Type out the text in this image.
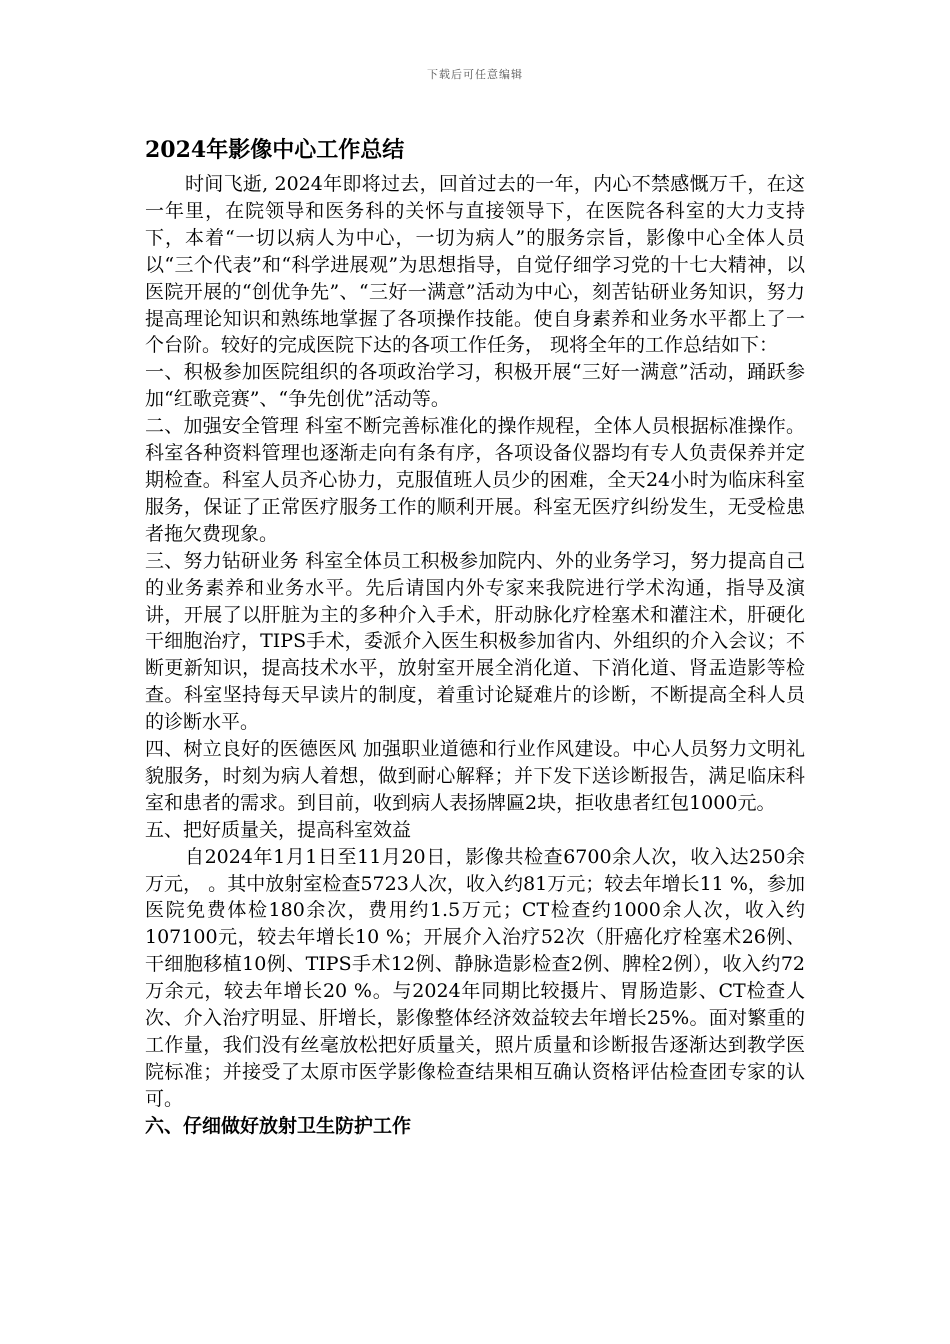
下载后可任意编辑
2024年影像中心工作总结

时间飞逝, 2024年即将过去，回首过去的一年，内心不禁感慨万千，在这一年里，在院领导和医务科的关怀与直接领导下，在医院各科室的大力支持下，本着“一切以病人为中心，一切为病人”的服务宗旨，影像中心全体人员以“三个代表”和“科学进展观”为思想指导，自觉仔细学习党的十七大精神，以医院开展的“创优争先”、“三好一满意”活动为中心，刻苦钻研业务知识，努力提高理论知识和熟练地掌握了各项操作技能。使自身素养和业务水平都上了一个台阶。较好的完成医院下达的各项工作任务， 现将全年的工作总结如下：

一、积极参加医院组织的各项政治学习，积极开展“三好一满意”活动，踊跃参加“红歌竞赛”、“争先创优”活动等。

二、加强安全管理 科室不断完善标准化的操作规程，全体人员根据标准操作。科室各种资料管理也逐渐走向有条有序，各项设备仪器均有专人负责保养并定期检查。科室人员齐心协力，克服值班人员少的困难，全天24小时为临床科室服务，保证了正常医疗服务工作的顺利开展。科室无医疗纠纷发生，无受检患者拖欠费现象。

三、努力钻研业务 科室全体员工积极参加院内、外的业务学习，努力提高自己的业务素养和业务水平。先后请国内外专家来我院进行学术沟通，指导及演讲，开展了以肝脏为主的多种介入手术，肝动脉化疗栓塞术和灌注术，肝硬化干细胞治疗，TIPS手术，委派介入医生积极参加省内、外组织的介入会议；不断更新知识，提高技术水平，放射室开展全消化道、下消化道、肾盂造影等检查。科室坚持每天早读片的制度，着重讨论疑难片的诊断，不断提高全科人员的诊断水平。

四、树立良好的医德医风 加强职业道德和行业作风建设。中心人员努力文明礼貌服务，时刻为病人着想，做到耐心解释；并下发下送诊断报告，满足临床科室和患者的需求。到目前，收到病人表扬牌匾2块，拒收患者红包1000元。

五、把好质量关，提高科室效益

自2024年1月1日至11月20日，影像共检查6700余人次，收入达250余万元， 。其中放射室检查5723人次，收入约81万元；较去年增长11 %，参加医院免费体检180余次，费用约1.5万元；CT检查约1000余人次，收入约107100元，较去年增长10 %；开展介入治疗52次（肝癌化疗栓塞术26例、干细胞移植10例、TIPS手术12例、静脉造影检查2例、脾栓2例），收入约72万余元，较去年增长20 %。与2024年同期比较摄片、胃肠造影、CT检查人次、介入治疗明显、肝增长，影像整体经济效益较去年增长25%。面对繁重的工作量，我们没有丝毫放松把好质量关，照片质量和诊断报告逐渐达到教学医院标准；并接受了太原市医学影像检查结果相互确认资格评估检查团专家的认可。

六、仔细做好放射卫生防护工作
